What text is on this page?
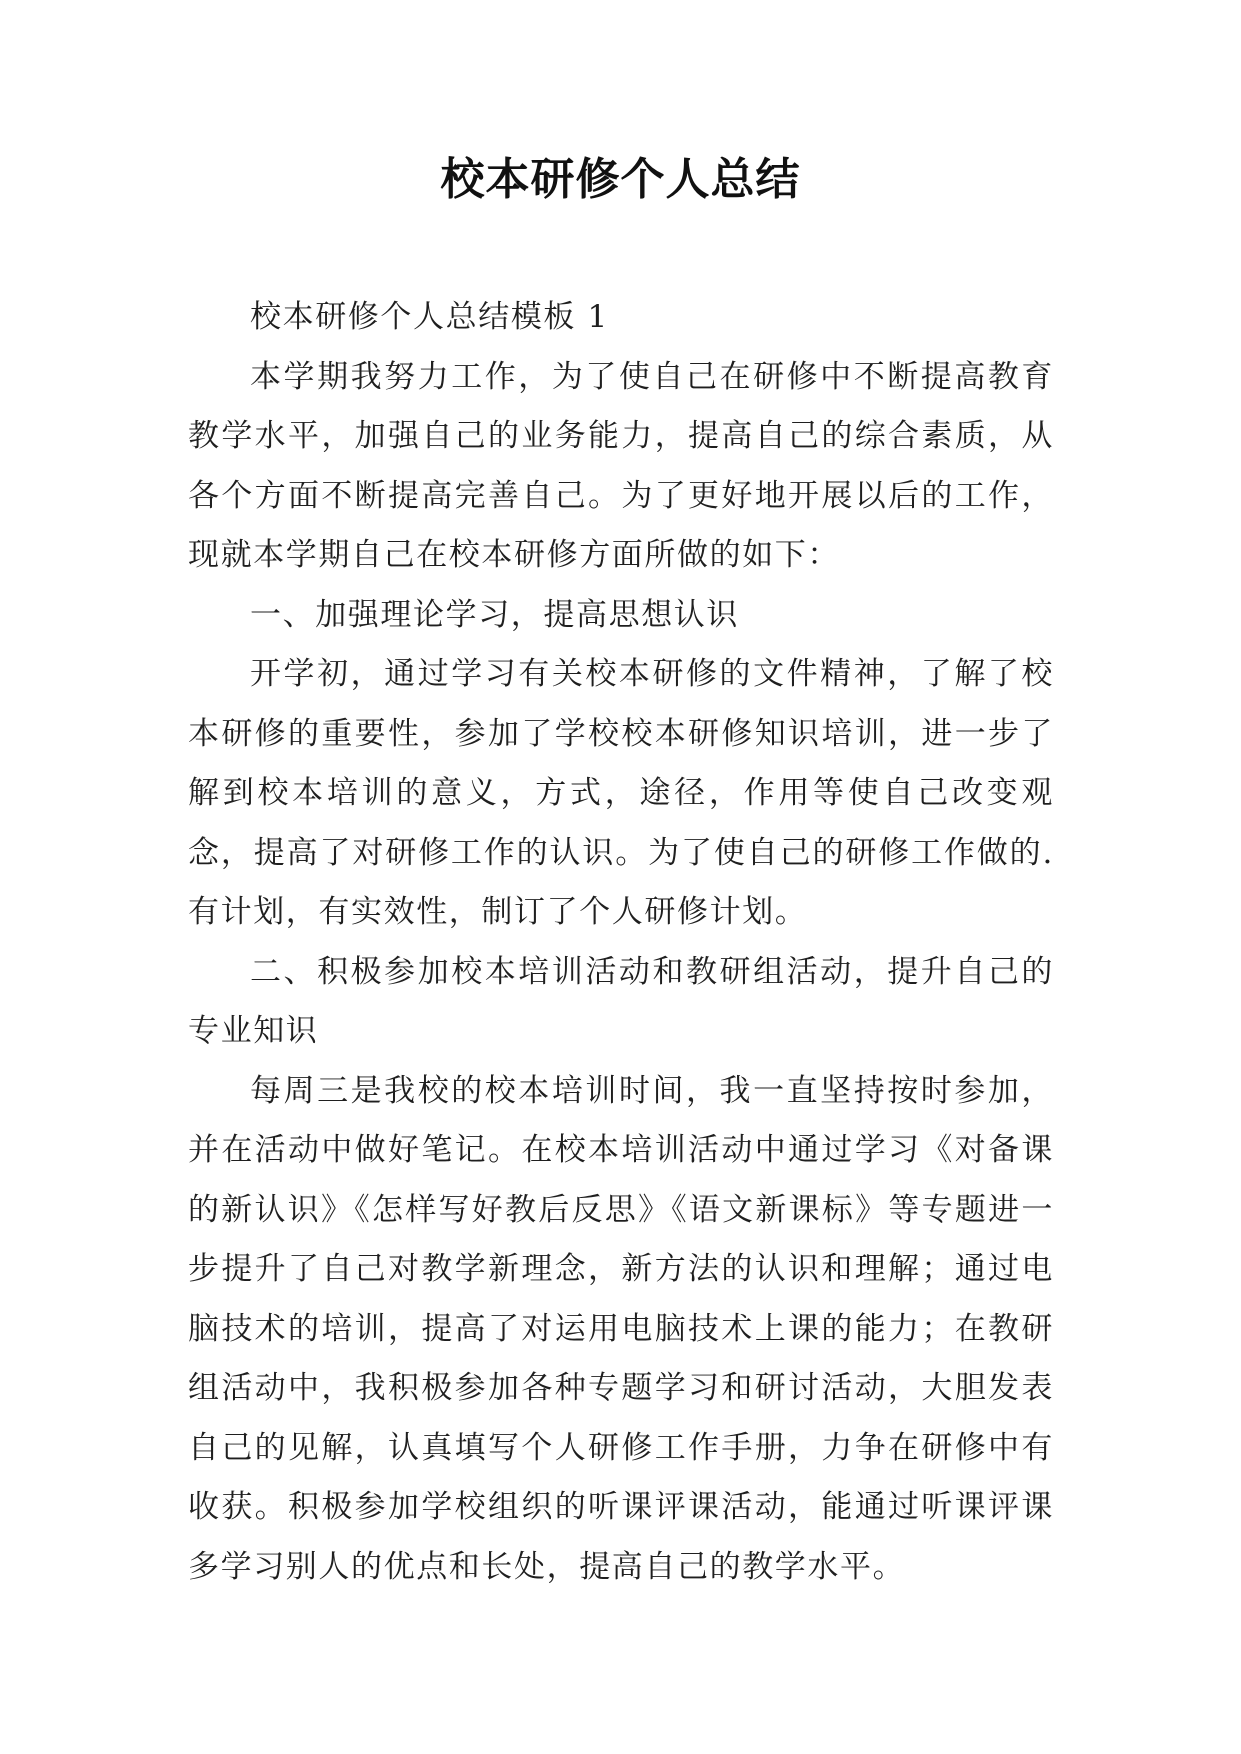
校本研修个人总结

校本研修个人总结模板 1

本学期我努力工作，为了使自己在研修中不断提高教育教学水平，加强自己的业务能力，提高自己的综合素质，从各个方面不断提高完善自己。为了更好地开展以后的工作，现就本学期自己在校本研修方面所做的如下：

一、加强理论学习，提高思想认识

开学初，通过学习有关校本研修的文件精神，了解了校本研修的重要性，参加了学校校本研修知识培训，进一步了解到校本培训的意义，方式，途径，作用等使自己改变观念，提高了对研修工作的认识。为了使自己的研修工作做的.有计划，有实效性，制订了个人研修计划。

二、积极参加校本培训活动和教研组活动，提升自己的专业知识

每周三是我校的校本培训时间，我一直坚持按时参加，并在活动中做好笔记。在校本培训活动中通过学习《对备课的新认识》《怎样写好教后反思》《语文新课标》等专题进一步提升了自己对教学新理念，新方法的认识和理解；通过电脑技术的培训，提高了对运用电脑技术上课的能力；在教研组活动中，我积极参加各种专题学习和研讨活动，大胆发表自己的见解，认真填写个人研修工作手册，力争在研修中有收获。积极参加学校组织的听课评课活动，能通过听课评课多学习别人的优点和长处，提高自己的教学水平。
